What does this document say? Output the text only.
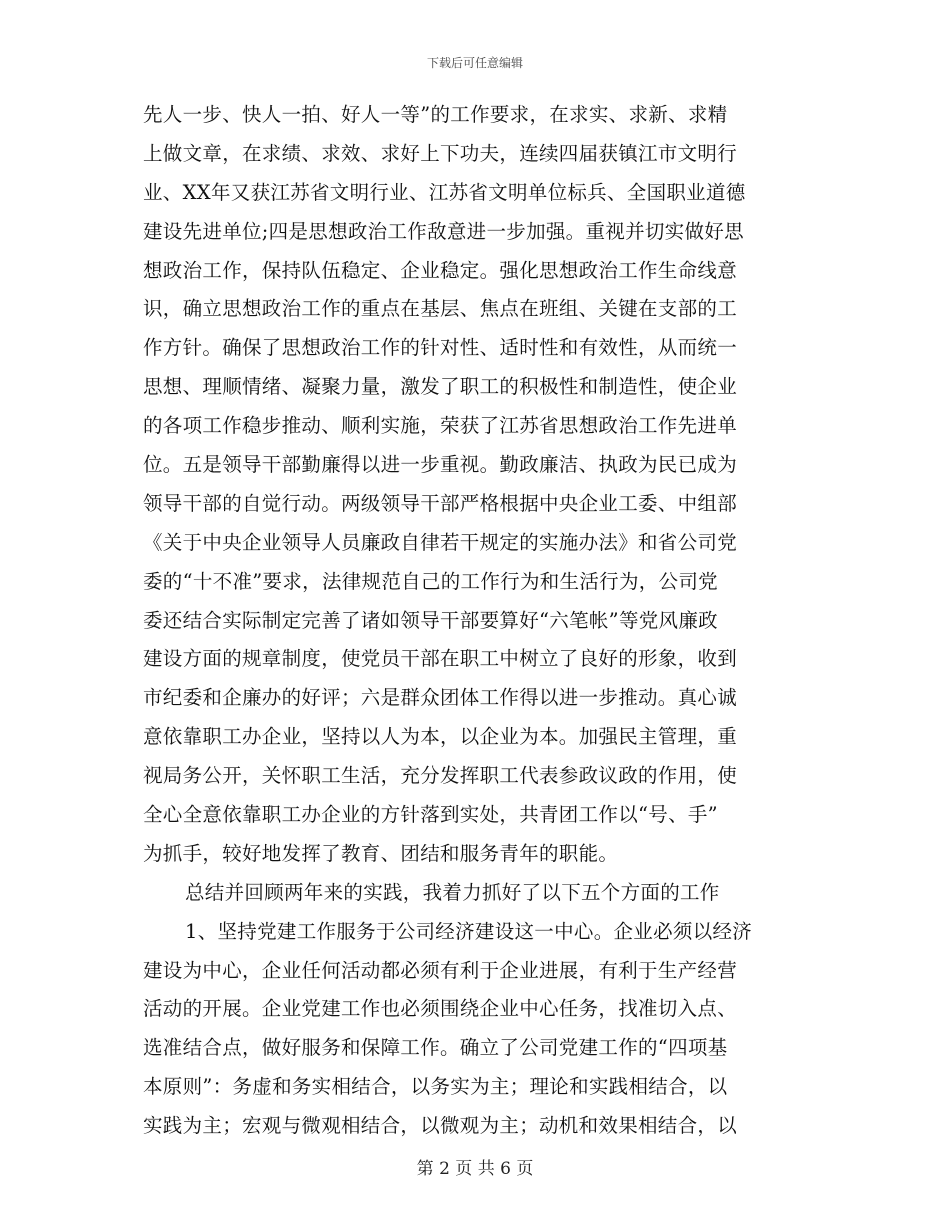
下载后可任意编辑
先人一步、快人一拍、好人一等”的工作要求，在求实、求新、求精
上做文章，在求绩、求效、求好上下功夫，连续四届获镇江市文明行
业、XX年又获江苏省文明行业、江苏省文明单位标兵、全国职业道德
建设先进单位;四是思想政治工作敌意进一步加强。重视并切实做好思
想政治工作，保持队伍稳定、企业稳定。强化思想政治工作生命线意
识，确立思想政治工作的重点在基层、焦点在班组、关键在支部的工
作方针。确保了思想政治工作的针对性、适时性和有效性，从而统一
思想、理顺情绪、凝聚力量，激发了职工的积极性和制造性，使企业
的各项工作稳步推动、顺利实施，荣获了江苏省思想政治工作先进单
位。五是领导干部勤廉得以进一步重视。勤政廉洁、执政为民已成为
领导干部的自觉行动。两级领导干部严格根据中央企业工委、中组部
《关于中央企业领导人员廉政自律若干规定的实施办法》和省公司党
委的“十不准”要求，法律规范自己的工作行为和生活行为，公司党
委还结合实际制定完善了诸如领导干部要算好“六笔帐”等党风廉政
建设方面的规章制度，使党员干部在职工中树立了良好的形象，收到
市纪委和企廉办的好评；六是群众团体工作得以进一步推动。真心诚
意依靠职工办企业，坚持以人为本，以企业为本。加强民主管理，重
视局务公开，关怀职工生活，充分发挥职工代表参政议政的作用，使
全心全意依靠职工办企业的方针落到实处，共青团工作以“号、手”
为抓手，较好地发挥了教育、团结和服务青年的职能。
总结并回顾两年来的实践，我着力抓好了以下五个方面的工作
1、坚持党建工作服务于公司经济建设这一中心。企业必须以经济
建设为中心，企业任何活动都必须有利于企业进展，有利于生产经营
活动的开展。企业党建工作也必须围绕企业中心任务，找准切入点、
选准结合点，做好服务和保障工作。确立了公司党建工作的“四项基
本原则”：务虚和务实相结合，以务实为主；理论和实践相结合，以
实践为主；宏观与微观相结合，以微观为主；动机和效果相结合，以
第 2 页 共 6 页
